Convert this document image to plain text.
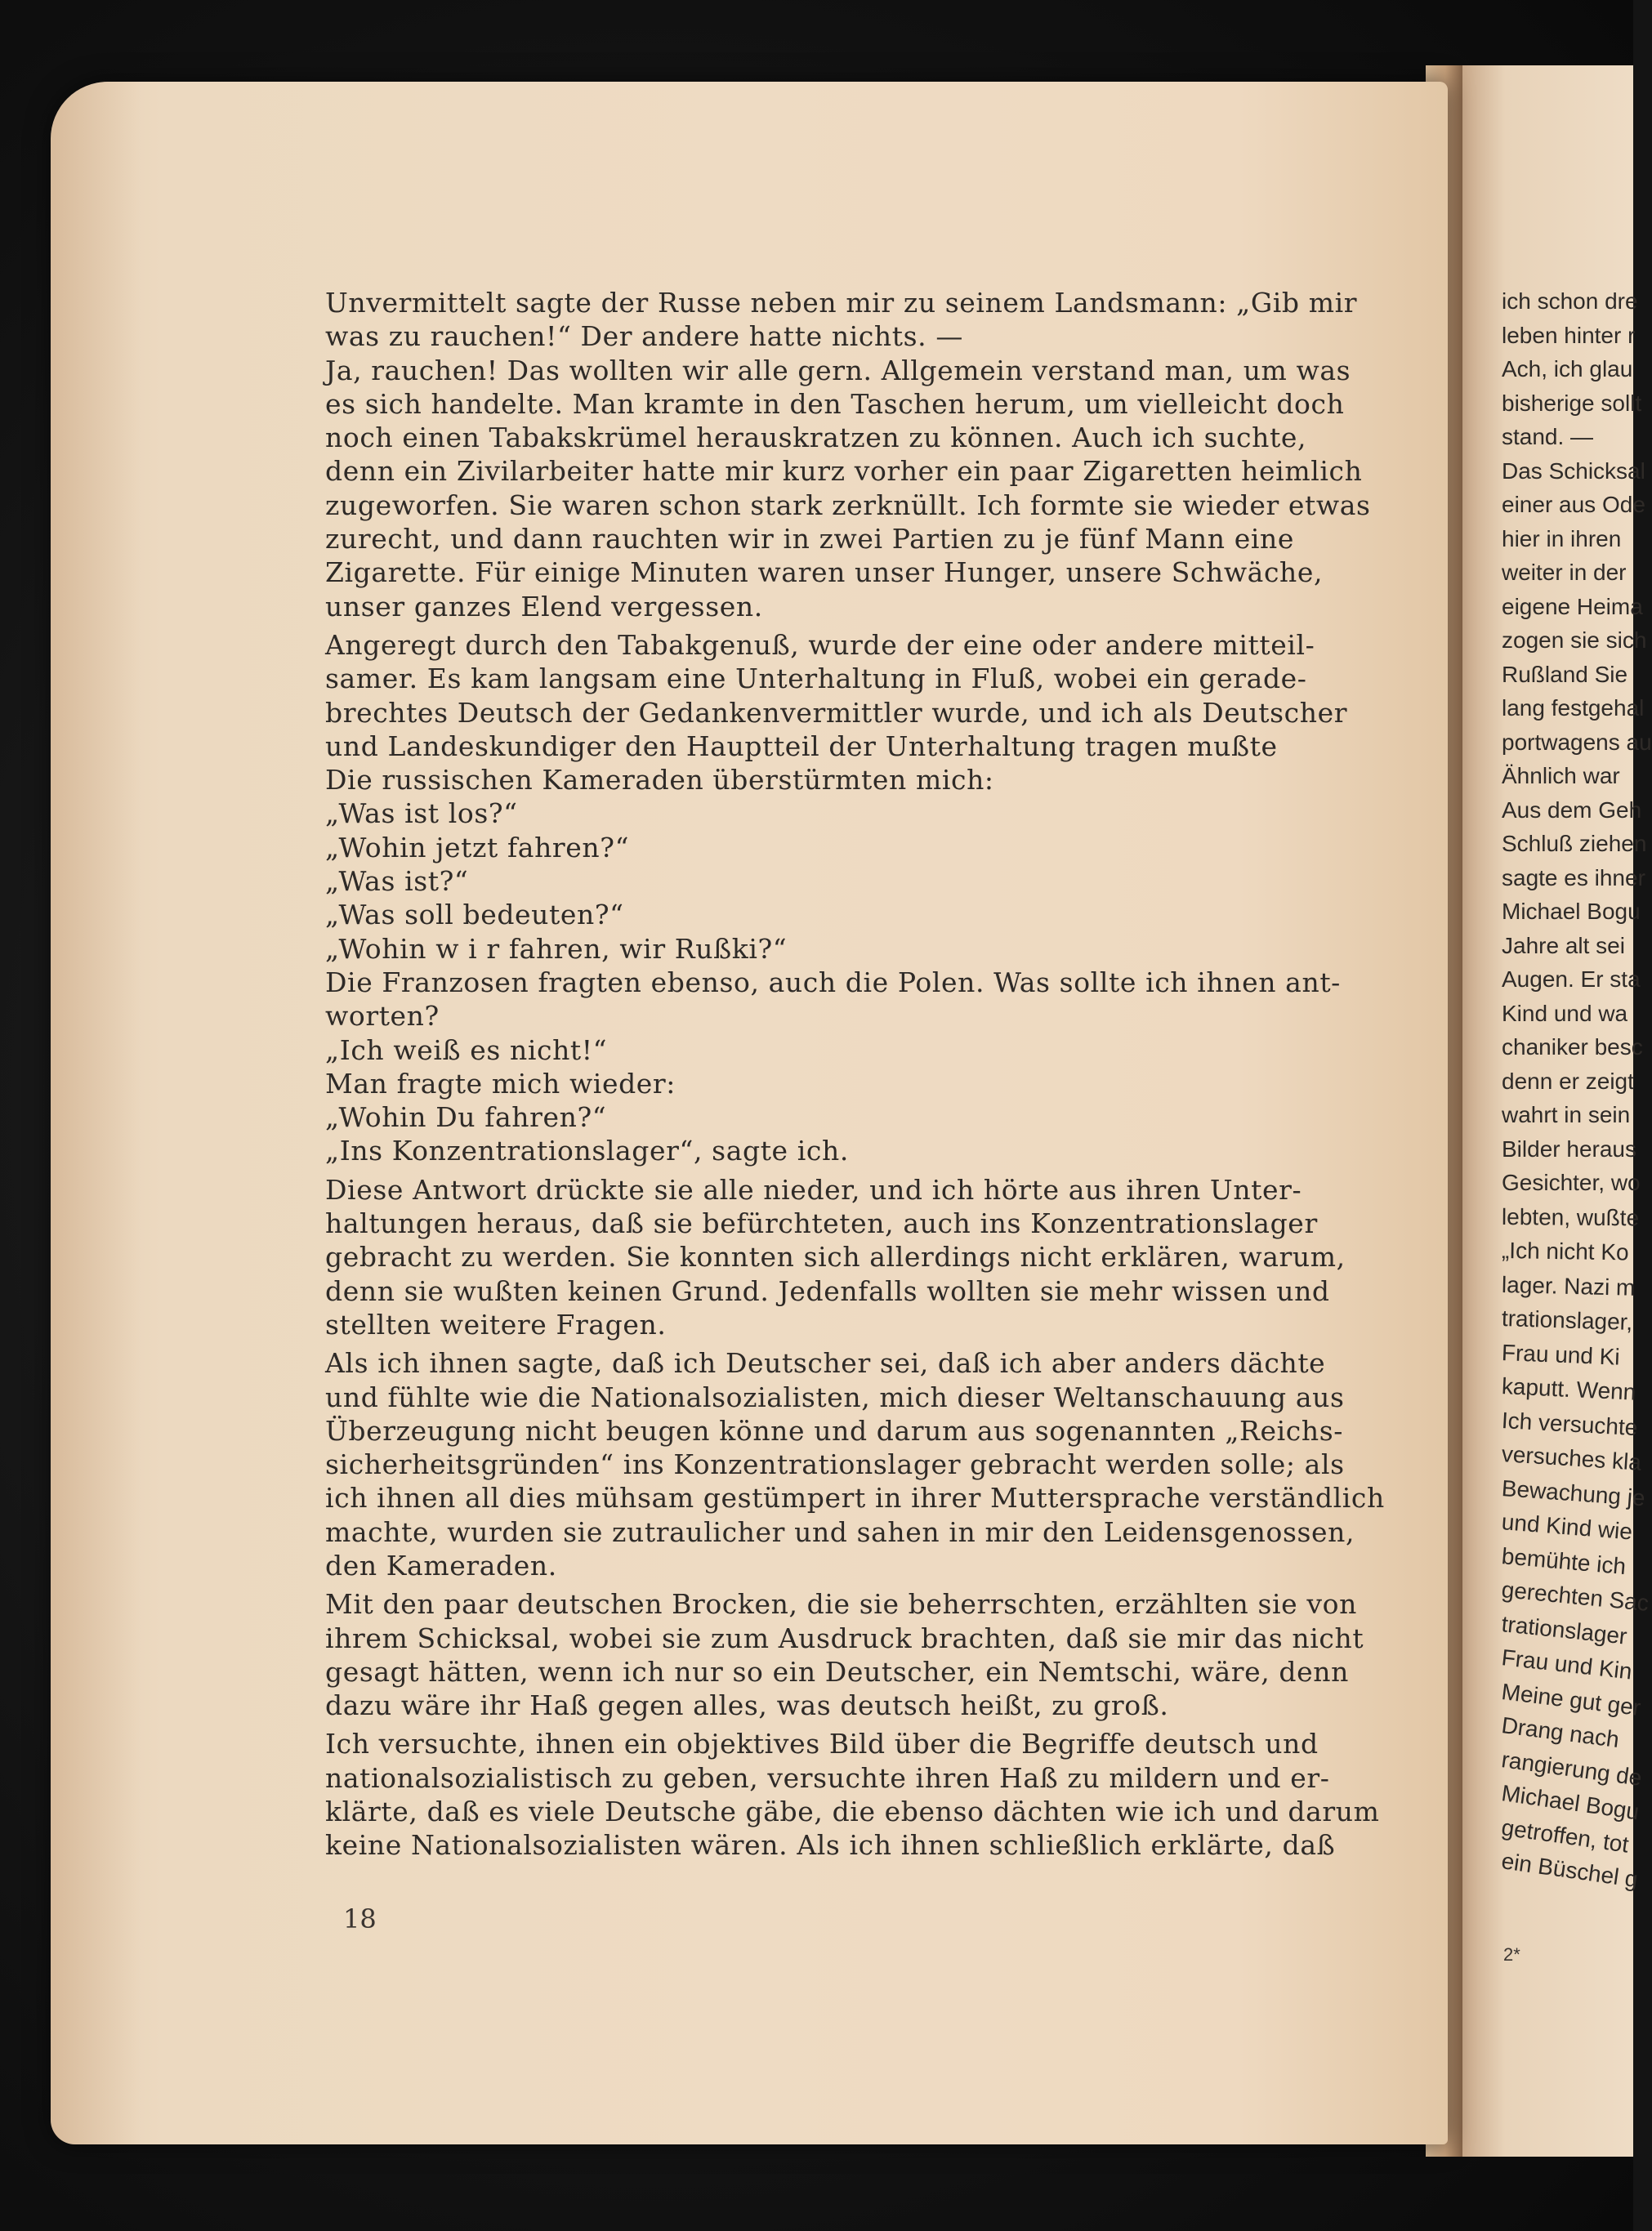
Unvermittelt sagte der Russe neben mir zu seinem Landsmann: „Gib mir
was zu rauchen!“ Der andere hatte nichts. —
Ja, rauchen! Das wollten wir alle gern. Allgemein verstand man, um was
es sich handelte. Man kramte in den Taschen herum, um vielleicht doch
noch einen Tabakskrümel herauskratzen zu können. Auch ich suchte,
denn ein Zivilarbeiter hatte mir kurz vorher ein paar Zigaretten heimlich
zugeworfen. Sie waren schon stark zerknüllt. Ich formte sie wieder etwas
zurecht, und dann rauchten wir in zwei Partien zu je fünf Mann eine
Zigarette. Für einige Minuten waren unser Hunger, unsere Schwäche,
unser ganzes Elend vergessen.
Angeregt durch den Tabakgenuß, wurde der eine oder andere mitteil-
samer. Es kam langsam eine Unterhaltung in Fluß, wobei ein gerade-
brechtes Deutsch der Gedankenvermittler wurde, und ich als Deutscher
und Landeskundiger den Hauptteil der Unterhaltung tragen mußte
Die russischen Kameraden überstürmten mich:
„Was ist los?“
„Wohin jetzt fahren?“
„Was ist?“
„Was soll bedeuten?“
„Wohin w i r fahren, wir Rußki?“
Die Franzosen fragten ebenso, auch die Polen. Was sollte ich ihnen ant-
worten?
„Ich weiß es nicht!“
Man fragte mich wieder:
„Wohin Du fahren?“
„Ins Konzentrationslager“, sagte ich.
Diese Antwort drückte sie alle nieder, und ich hörte aus ihren Unter-
haltungen heraus, daß sie befürchteten, auch ins Konzentrationslager
gebracht zu werden. Sie konnten sich allerdings nicht erklären, warum,
denn sie wußten keinen Grund. Jedenfalls wollten sie mehr wissen und
stellten weitere Fragen.
Als ich ihnen sagte, daß ich Deutscher sei, daß ich aber anders dächte
und fühlte wie die Nationalsozialisten, mich dieser Weltanschauung aus
Überzeugung nicht beugen könne und darum aus sogenannten „Reichs-
sicherheitsgründen“ ins Konzentrationslager gebracht werden solle; als
ich ihnen all dies mühsam gestümpert in ihrer Muttersprache verständlich
machte, wurden sie zutraulicher und sahen in mir den Leidensgenossen,
den Kameraden.
Mit den paar deutschen Brocken, die sie beherrschten, erzählten sie von
ihrem Schicksal, wobei sie zum Ausdruck brachten, daß sie mir das nicht
gesagt hätten, wenn ich nur so ein Deutscher, ein Nemtschi, wäre, denn
dazu wäre ihr Haß gegen alles, was deutsch heißt, zu groß.
Ich versuchte, ihnen ein objektives Bild über die Begriffe deutsch und
nationalsozialistisch zu geben, versuchte ihren Haß zu mildern und er-
klärte, daß es viele Deutsche gäbe, die ebenso dächten wie ich und darum
keine Nationalsozialisten wären. Als ich ihnen schließlich erklärte, daß
18
ich schon dre
leben hinter r
Ach, ich glau
bisherige sollt
stand. —
Das Schicksal
einer aus Ode
hier in ihren
weiter in der
eigene Heima
zogen sie sich
Rußland Sie
lang festgehal
portwagens au
Ähnlich war
Aus dem Geh
Schluß ziehen
sagte es ihner
Michael Bogu
Jahre alt sei
Augen. Er sta
Kind und wa
chaniker besc
denn er zeigt
wahrt in sein
Bilder heraus
Gesichter, wo
lebten, wußte
„Ich nicht Ko
lager. Nazi m
trationslager,
Frau und Ki
kaputt. Wenn
Ich versuchte
versuches kla
Bewachung je
und Kind wie
bemühte ich
gerechten Sac
trationslager
Frau und Kin
Meine gut ger
Drang nach
rangierung de
Michael Bogu
getroffen, tot
ein Büschel g
2*
